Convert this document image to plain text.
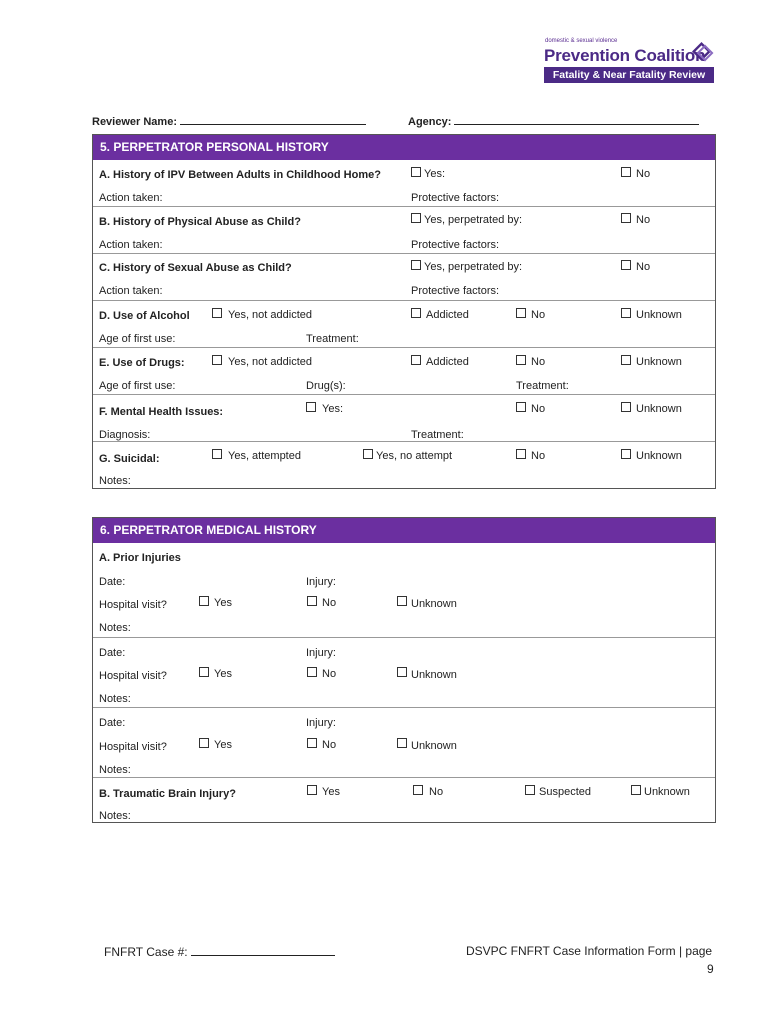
domestic & sexual violence
Prevention Coalition
Fatality & Near Fatality Review
Reviewer Name:	Agency:
5. PERPETRATOR PERSONAL HISTORY
A. History of IPV Between Adults in Childhood Home?	Yes:	No
Action taken:	Protective factors:
B. History of Physical Abuse as Child?	Yes, perpetrated by:	No
Action taken:	Protective factors:
C. History of Sexual Abuse as Child?	Yes, perpetrated by:	No
Action taken:	Protective factors:
D. Use of Alcohol	Yes, not addicted	Addicted	No	Unknown
Age of first use:	Treatment:
E. Use of Drugs:	Yes, not addicted	Addicted	No	Unknown
Age of first use:	Drug(s):	Treatment:
F. Mental Health Issues:	Yes:	No	Unknown
Diagnosis:	Treatment:
G. Suicidal:	Yes, attempted	Yes, no attempt	No	Unknown
Notes:
6. PERPETRATOR MEDICAL HISTORY
A. Prior Injuries
Date:	Injury:
Hospital visit?	Yes	No	Unknown
Notes:
Date:	Injury:
Hospital visit?	Yes	No	Unknown
Notes:
Date:	Injury:
Hospital visit?	Yes	No	Unknown
Notes:
B. Traumatic Brain Injury?	Yes	No	Suspected	Unknown
Notes:
FNFRT Case #:	DSVPC FNFRT Case Information Form | page
9
